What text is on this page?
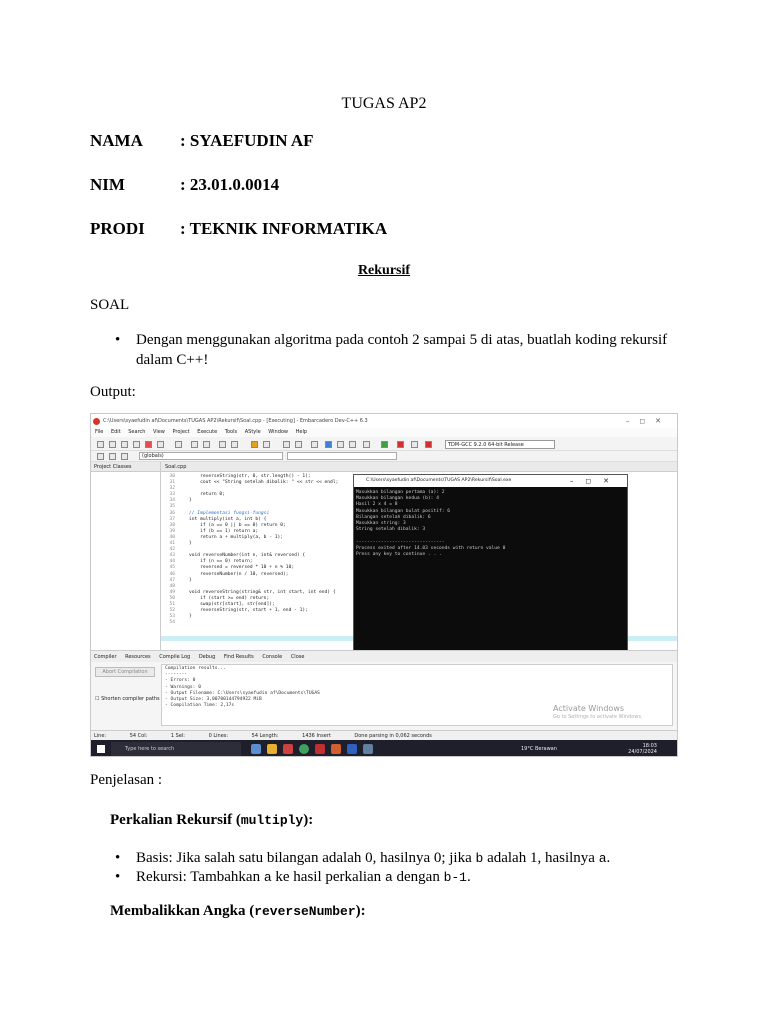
TUGAS AP2
NAMA : SYAEFUDIN AF
NIM	: 23.01.0.0014
PRODI : TEKNIK INFORMATIKA
Rekursif
SOAL
• Dengan menggunakan algoritma pada contoh 2 sampai 5 di atas, buatlah koding rekursif dalam C++!
Output:
C:\Users\syaefudin af\Documents\TUGAS AP2\Rekursif\Soal.cpp - [Executing] - Embarcadero Dev-C++ 6.3	–◻✕
File Edit Search View Project Execute Tools AStyle Window Help
TDM-GCC 9.2.0 64-bit Release
(globals)
Project Classes	Soal.cpp
30	reverseString(str, 0, str.length() - 1);
31	cout << "String setelah dibalik: " << str << endl;
32
33	return 0;
34	}
35
36	// Implementasi fungsi-fungsi
37	int multiply(int a, int b) {
38	if (a == 0 || b == 0) return 0;
39	if (b == 1) return a;
40	return a + multiply(a, b - 1);
41	}
42
43	void reverseNumber(int n, int& reversed) {
44	if (n == 0) return;
45	reversed = reversed * 10 + n % 10;
46	reverseNumber(n / 10, reversed);
47	}
48
49	void reverseString(string& str, int start, int end) {
50	if (start >= end) return;
51	swap(str[start], str[end]);
52	reverseString(str, start + 1, end - 1);
53	}
54
C:\Users\syaefudin af\Documents\TUGAS AP2\Rekursif\Soal.exe	–◻✕
Masukkan bilangan pertama (a): 2
Masukkan bilangan kedua (b): 4
Hasil 2 x 4 = 8
Masukkan bilangan bulat positif: 6
Bilangan setelah dibalik: 6
Masukkan string: 3
String setelah dibalik: 3

--------------------------------
Process exited after 14.03 seconds with return value 0
Press any key to continue . . .
Compiler Resources Compile Log Debug Find Results Console Close
Abort Compilation
☐ Shorten compiler paths
Compilation results...
--------
- Errors: 0
- Warnings: 0
- Output Filename: C:\Users\syaefudin af\Documents\TUGAS
- Output Size: 3,00700144794922 MiB
- Compilation Time: 2,17s	Activate Windows
Go to Settings to activate Windows.
Line:	54 Col:	1 Sel:	0 Lines:	54 Length:	1436 Insert	Done parsing in 0,062 seconds
Type here to search	19°C Berawan	18:03
24/07/2024
Penjelasan :
Perkalian Rekursif (multiply):
• Basis: Jika salah satu bilangan adalah 0, hasilnya 0; jika b adalah 1, hasilnya a.
• Rekursi: Tambahkan a ke hasil perkalian a dengan b-1.
Membalikkan Angka (reverseNumber):
